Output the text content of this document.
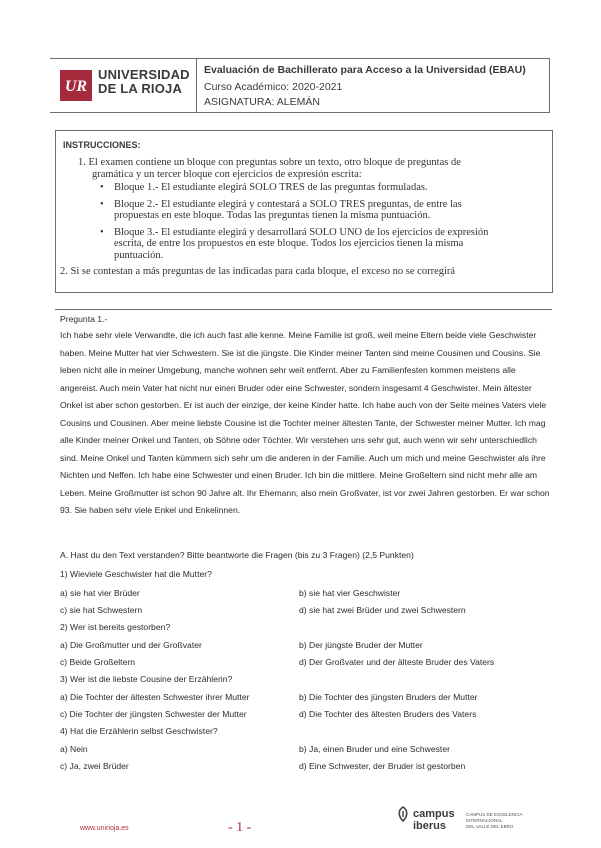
UR
UNIVERSIDAD
DE LA RIOJA
Evaluación de Bachillerato para Acceso a la Universidad (EBAU)
Curso Académico: 2020-2021
ASIGNATURA: ALEMÁN
INSTRUCCIONES:
1. El examen contiene un bloque con preguntas sobre un texto, otro bloque de preguntas de
gramática y un tercer bloque con ejercicios de expresión escrita:
• Bloque 1.- El estudiante elegirá SOLO TRES de las preguntas formuladas.
• Bloque 2.- El estudiante elegirá y contestará a SOLO TRES preguntas, de entre las
propuestas en este bloque. Todas las preguntas tienen la misma puntuación.
• Bloque 3.- El estudiante elegirá y desarrollará SOLO UNO de los ejercicios de expresión
escrita, de entre los propuestos en este bloque. Todos los ejercicios tienen la misma
puntuación.
2. Si se contestan a más preguntas de las indicadas para cada bloque, el exceso no se corregirá
Pregunta 1.-
Ich habe sehr viele Verwandte, die ich auch fast alle kenne. Meine Familie ist groß, weil meine Eltern beide viele Geschwister haben. Meine Mutter hat vier Schwestern. Sie ist die jüngste. Die Kinder meiner Tanten sind meine Cousinen und Cousins. Sie leben nicht alle in meiner Umgebung, manche wohnen sehr weit entfernt. Aber zu Familienfesten kommen meistens alle angereist. Auch mein Vater hat nicht nur einen Bruder oder eine Schwester, sondern insgesamt 4 Geschwister. Mein ältester Onkel ist aber schon gestorben. Er ist auch der einzige, der keine Kinder hatte. Ich habe auch von der Seite meines Vaters viele Cousins und Cousinen. Aber meine liebste Cousine ist die Tochter meiner ältesten Tante, der Schwester meiner Mutter. Ich mag alle Kinder meiner Onkel und Tanten, ob Söhne oder Töchter. Wir verstehen uns sehr gut, auch wenn wir sehr unterschiedlich sind. Meine Onkel und Tanten kümmern sich sehr um die anderen in der Familie. Auch um mich und meine Geschwister als ihre Nichten und Neffen. Ich habe eine Schwester und einen Bruder. Ich bin die mittlere. Meine Großeltern sind nicht mehr alle am Leben. Meine Großmutter ist schon 90 Jahre alt. Ihr Ehemann, also mein Großvater, ist vor zwei Jahren gestorben. Er war schon 93. Sie haben sehr viele Enkel und Enkelinnen.
A. Hast du den Text verstanden? Bitte beantworte die Fragen (bis zu 3 Fragen) (2,5 Punkten)
1) Wieviele Geschwister hat die Mutter?
a) sie hat vier Brüder	b) sie hat vier Geschwister
c) sie hat Schwestern	d) sie hat zwei Brüder und zwei Schwestern
2) Wer ist bereits gestorben?
a) Die Großmutter und der Großvater	b) Der jüngste Bruder der Mutter
c) Beide Großeltern	d) Der Großvater und der älteste Bruder des Vaters
3) Wer ist die liebste Cousine der Erzählerin?
a) Die Tochter der ältesten Schwester ihrer Mutter	b) Die Tochter des jüngsten Bruders der Mutter
c) Die Tochter der jüngsten Schwester der Mutter	d) Die Tochter des ältesten Bruders des Vaters
4) Hat die Erzählerin selbst Geschwister?
a) Nein	b) Ja, einen Bruder und eine Schwester
c) Ja, zwei Brüder	d) Eine Schwester, der Bruder ist gestorben
www.unirioja.es	- 1 -
campus
iberus
CAMPUS DE EXCELENCIA
INTERNACIONAL
DEL VALLE DEL EBRO
